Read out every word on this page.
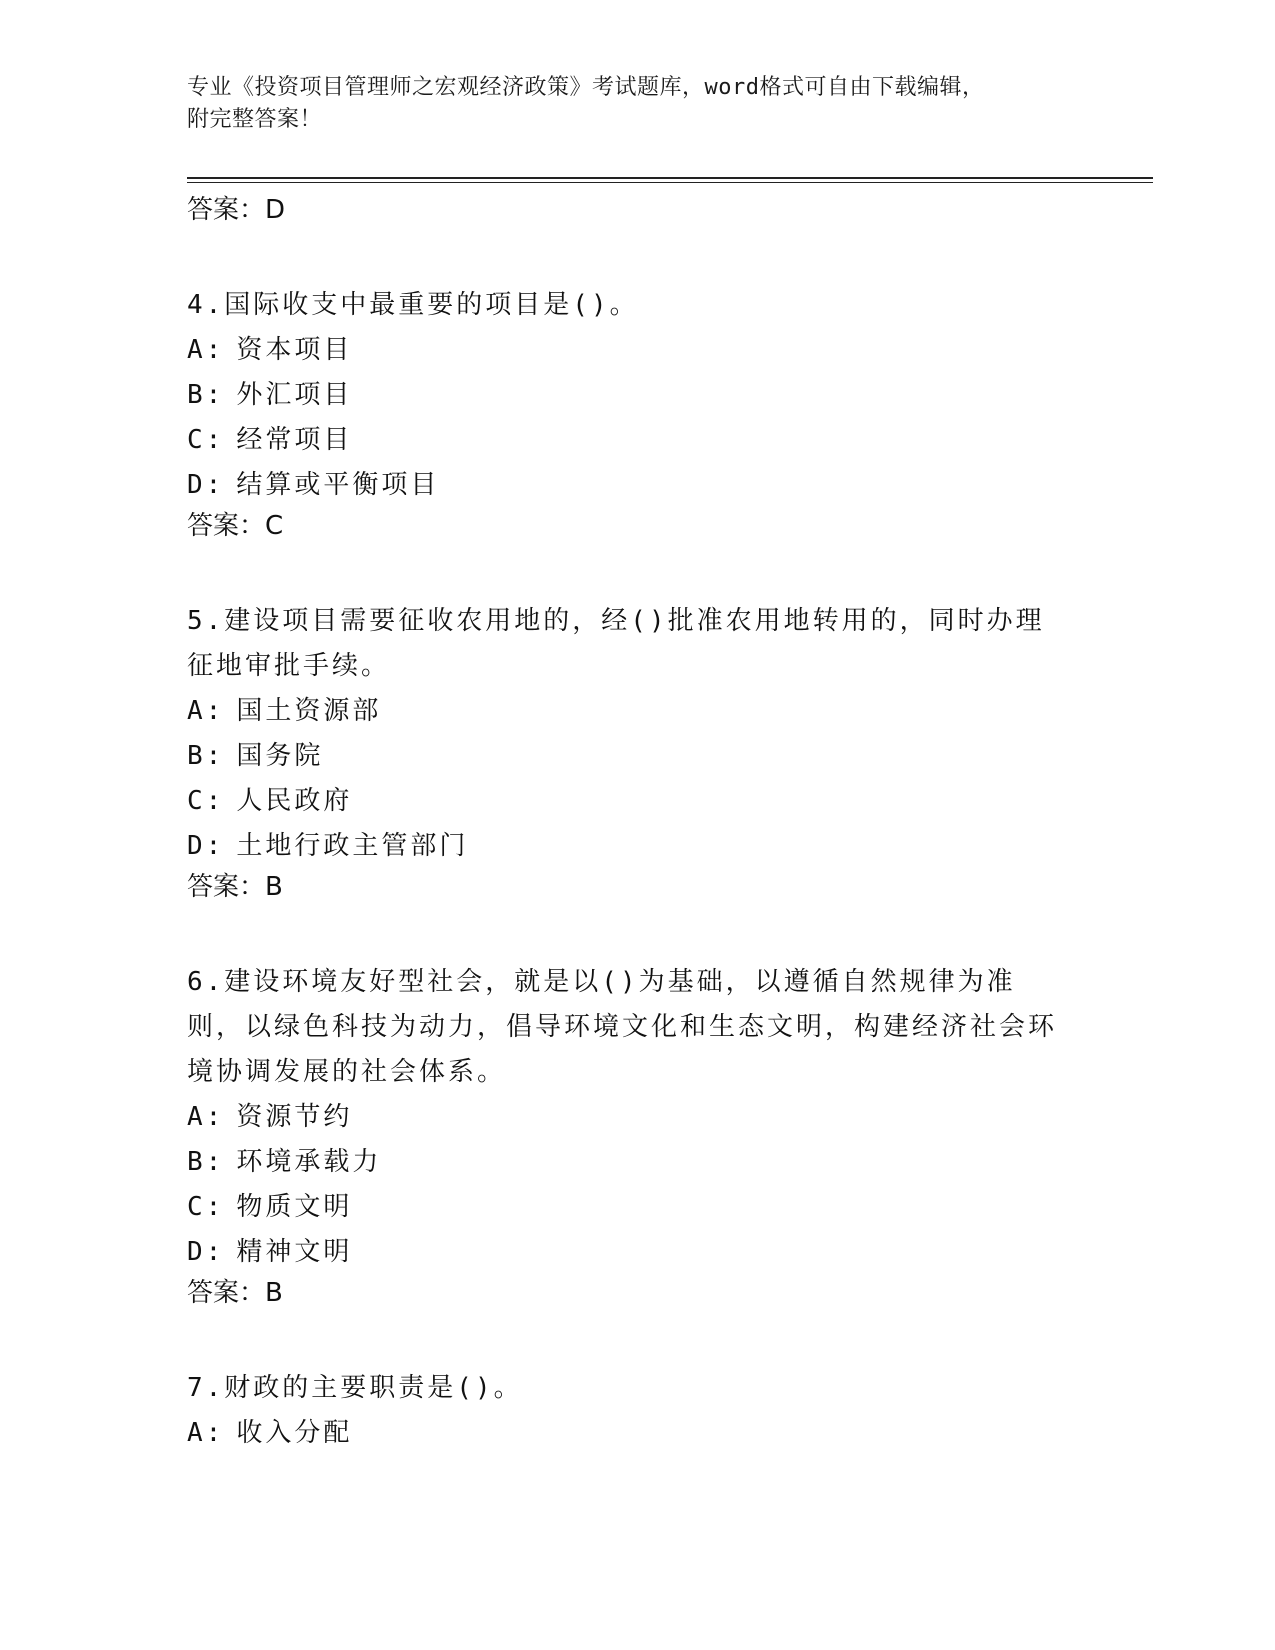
专业《投资项目管理师之宏观经济政策》考试题库，word格式可自由下载编辑，
附完整答案！
答案：D
4.国际收支中最重要的项目是()。
A: 资本项目
B: 外汇项目
C: 经常项目
D: 结算或平衡项目
答案：C
5.建设项目需要征收农用地的，经()批准农用地转用的，同时办理征地审批手续。
A: 国土资源部
B: 国务院
C: 人民政府
D: 土地行政主管部门
答案：B
6.建设环境友好型社会，就是以()为基础，以遵循自然规律为准则，以绿色科技为动力，倡导环境文化和生态文明，构建经济社会环境协调发展的社会体系。
A: 资源节约
B: 环境承载力
C: 物质文明
D: 精神文明
答案：B
7.财政的主要职责是()。
A: 收入分配
